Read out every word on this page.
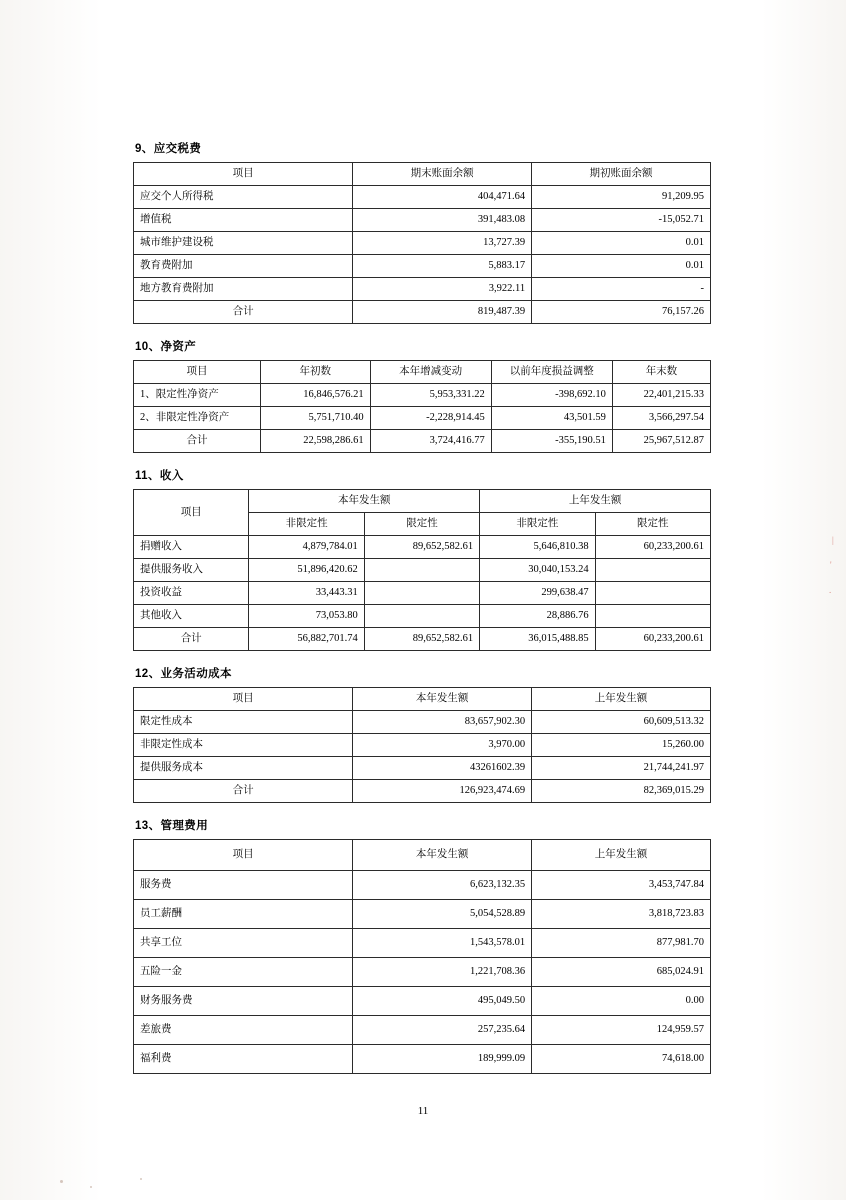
9、应交税费
项目	期末账面余额	期初账面余额
应交个人所得税	404,471.64	91,209.95
增值税	391,483.08	-15,052.71
城市维护建设税	13,727.39	0.01
教育费附加	5,883.17	0.01
地方教育费附加	3,922.11	-
合计	819,487.39	76,157.26
10、净资产
项目	年初数	本年增减变动	以前年度损益调整	年末数
1、限定性净资产	16,846,576.21	5,953,331.22	-398,692.10	22,401,215.33
2、非限定性净资产	5,751,710.40	-2,228,914.45	43,501.59	3,566,297.54
合计	22,598,286.61	3,724,416.77	-355,190.51	25,967,512.87
11、收入
项目	本年发生额		上年发生额	
	非限定性	限定性	非限定性	限定性
捐赠收入	4,879,784.01	89,652,582.61	5,646,810.38	60,233,200.61
提供服务收入	51,896,420.62		30,040,153.24	
投资收益	33,443.31		299,638.47	
其他收入	73,053.80		28,886.76	
合计	56,882,701.74	89,652,582.61	36,015,488.85	60,233,200.61
12、业务活动成本
项目	本年发生额	上年发生额
限定性成本	83,657,902.30	60,609,513.32
非限定性成本	3,970.00	15,260.00
提供服务成本	43261602.39	21,744,241.97
合计	126,923,474.69	82,369,015.29
13、管理费用
项目	本年发生额	上年发生额
服务费	6,623,132.35	3,453,747.84
员工薪酬	5,054,528.89	3,818,723.83
共享工位	1,543,578.01	877,981.70
五险一金	1,221,708.36	685,024.91
财务服务费	495,049.50	0.00
差旅费	257,235.64	124,959.57
福利费	189,999.09	74,618.00
11
|
'
.
